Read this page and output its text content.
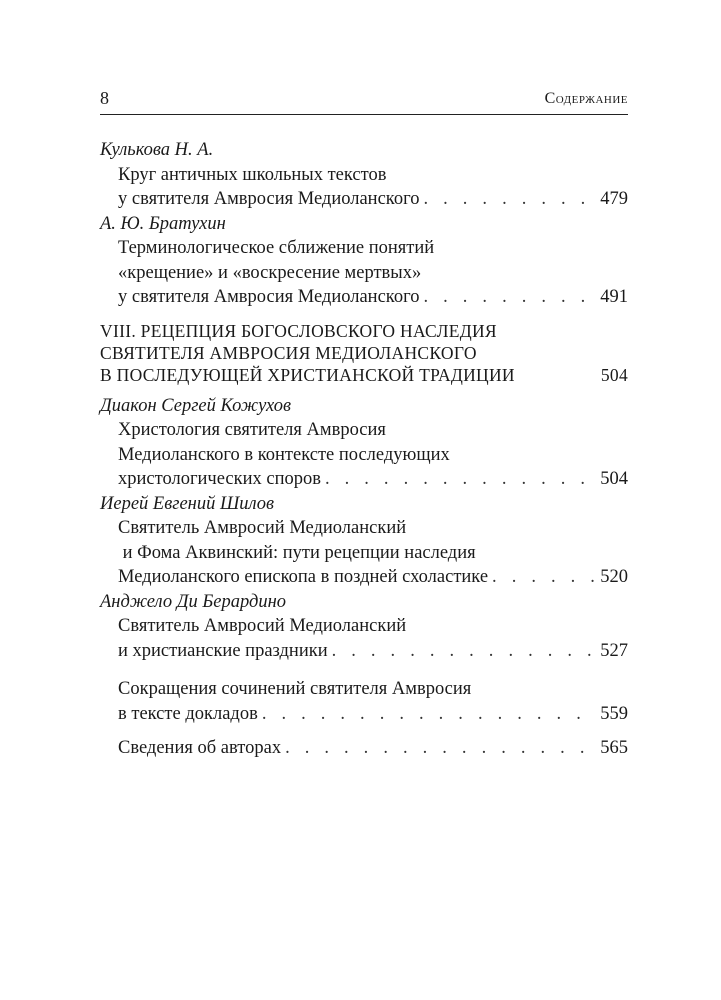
8	Содержание
Кулькова Н. А.
Круг античных школьных текстов
у святителя Амвросия Медиоланского . . .	479
А. Ю. Братухин
Терминологическое сближение понятий
«крещение» и «воскресение мертвых»
у святителя Амвросия Медиоланского . . .	491
VIII. РЕЦЕПЦИЯ БОГОСЛОВСКОГО НАСЛЕДИЯ
СВЯТИТЕЛЯ АМВРОСИЯ МЕДИОЛАНСКОГО
В ПОСЛЕДУЮЩЕЙ ХРИСТИАНСКОЙ ТРАДИЦИИ	504
Диакон Сергей Кожухов
Христология святителя Амвросия
Медиоланского в контексте последующих
христологических споров . . .	504
Иерей Евгений Шилов
Святитель Амвросий Медиоланский
и Фома Аквинский: пути рецепции наследия
Медиоланского епископа в поздней схоластике . . .	520
Анджело Ди Берардино
Святитель Амвросий Медиоланский
и христианские праздники . . .	527
Сокращения сочинений святителя Амвросия
в тексте докладов . . .	559
Сведения об авторах . . .	565
